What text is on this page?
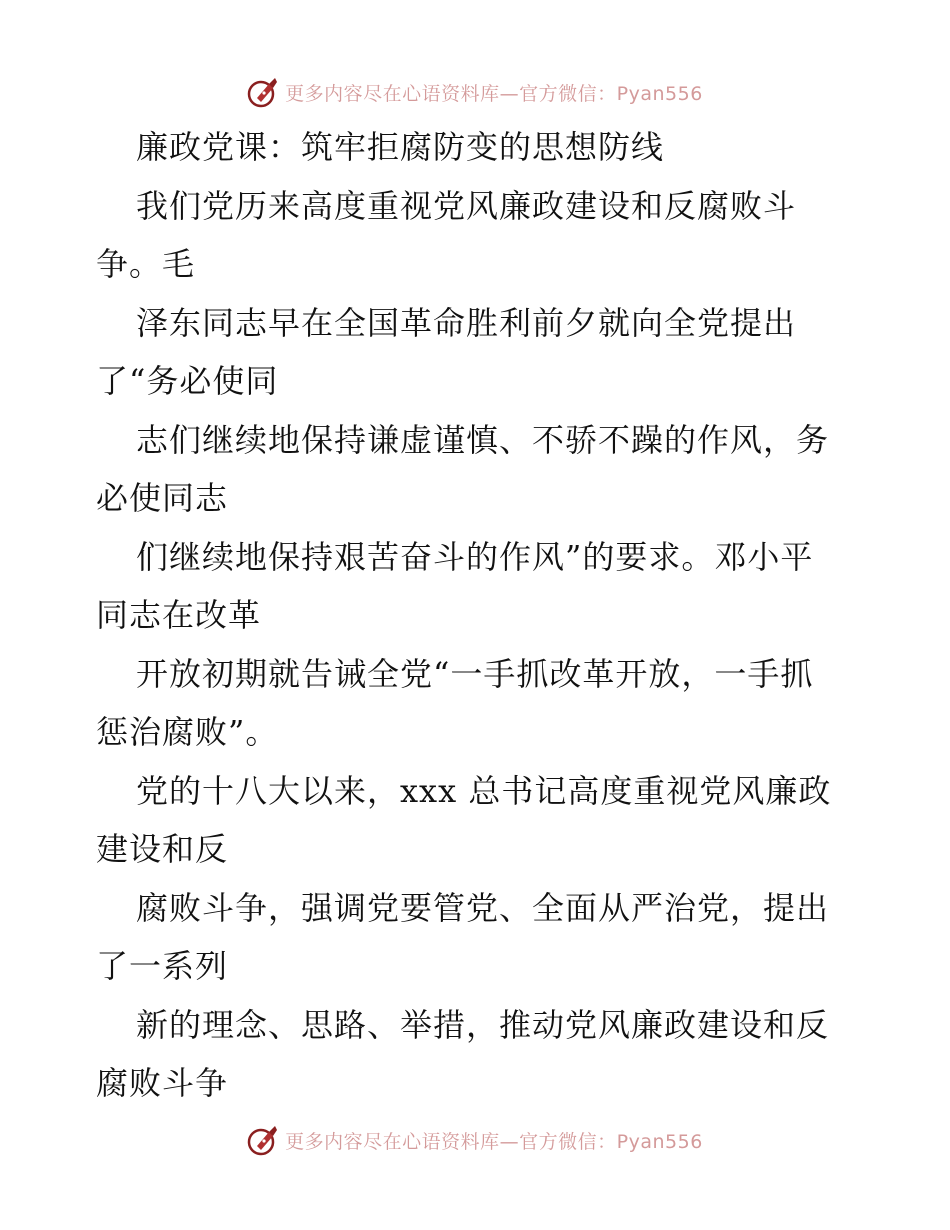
更多内容尽在心语资料库—官方微信：Pyan556
廉政党课：筑牢拒腐防变的思想防线
我们党历来高度重视党风廉政建设和反腐败斗
争。毛
泽东同志早在全国革命胜利前夕就向全党提出
了“务必使同
志们继续地保持谦虚谨慎、不骄不躁的作风，务
必使同志
们继续地保持艰苦奋斗的作风”的要求。邓小平
同志在改革
开放初期就告诫全党“一手抓改革开放，一手抓
惩治腐败”。
党的十八大以来，xxx 总书记高度重视党风廉政
建设和反
腐败斗争，强调党要管党、全面从严治党，提出
了一系列
新的理念、思路、举措，推动党风廉政建设和反
腐败斗争
更多内容尽在心语资料库—官方微信：Pyan556
